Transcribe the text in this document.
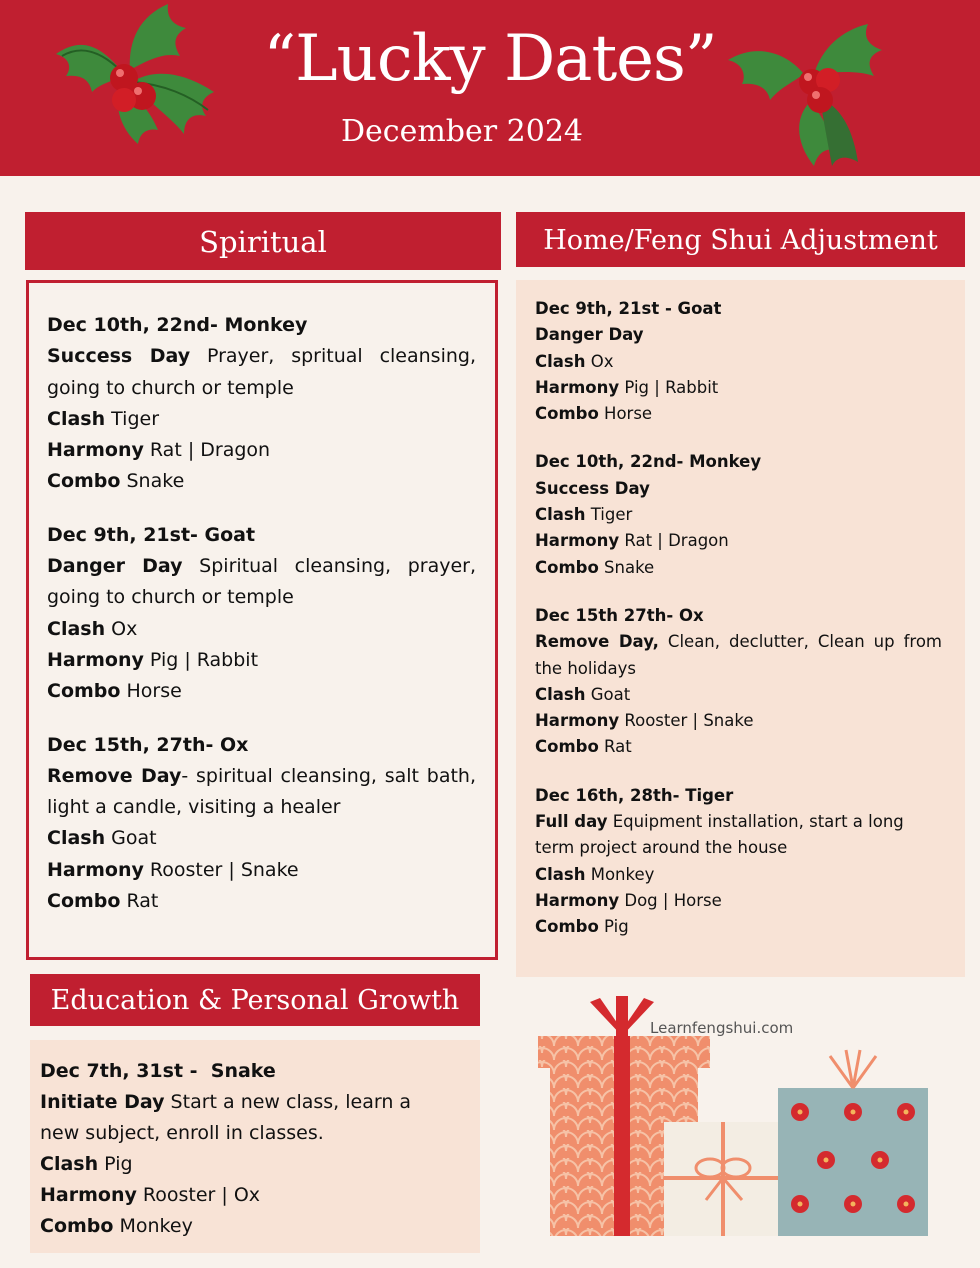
“Lucky Dates”
December 2024
Spiritual
Dec 10th, 22nd- Monkey
Success Day Prayer, spritual cleansing, going to church or temple
Clash Tiger
Harmony Rat | Dragon
Combo Snake
Dec 9th, 21st- Goat
Danger Day Spiritual cleansing, prayer, going to church or temple
Clash Ox
Harmony Pig | Rabbit
Combo Horse
Dec 15th, 27th- Ox
Remove Day- spiritual cleansing, salt bath, light a candle, visiting a healer
Clash Goat
Harmony Rooster | Snake
Combo Rat
Home/Feng Shui Adjustment
Dec 9th, 21st - Goat
Danger Day
Clash Ox
Harmony Pig | Rabbit
Combo Horse
Dec 10th, 22nd- Monkey
Success Day
Clash Tiger
Harmony Rat | Dragon
Combo Snake
Dec 15th 27th- Ox
Remove Day, Clean, declutter, Clean up from the holidays
Clash Goat
Harmony Rooster | Snake
Combo Rat
Dec 16th, 28th- Tiger
Full day Equipment installation, start a long term project around the house
Clash Monkey
Harmony Dog | Horse
Combo Pig
Education & Personal Growth
Dec 7th, 31st -  Snake
Initiate Day Start a new class, learn a new subject, enroll in classes.
Clash Pig
Harmony Rooster | Ox
Combo Monkey
Learnfengshui.com
